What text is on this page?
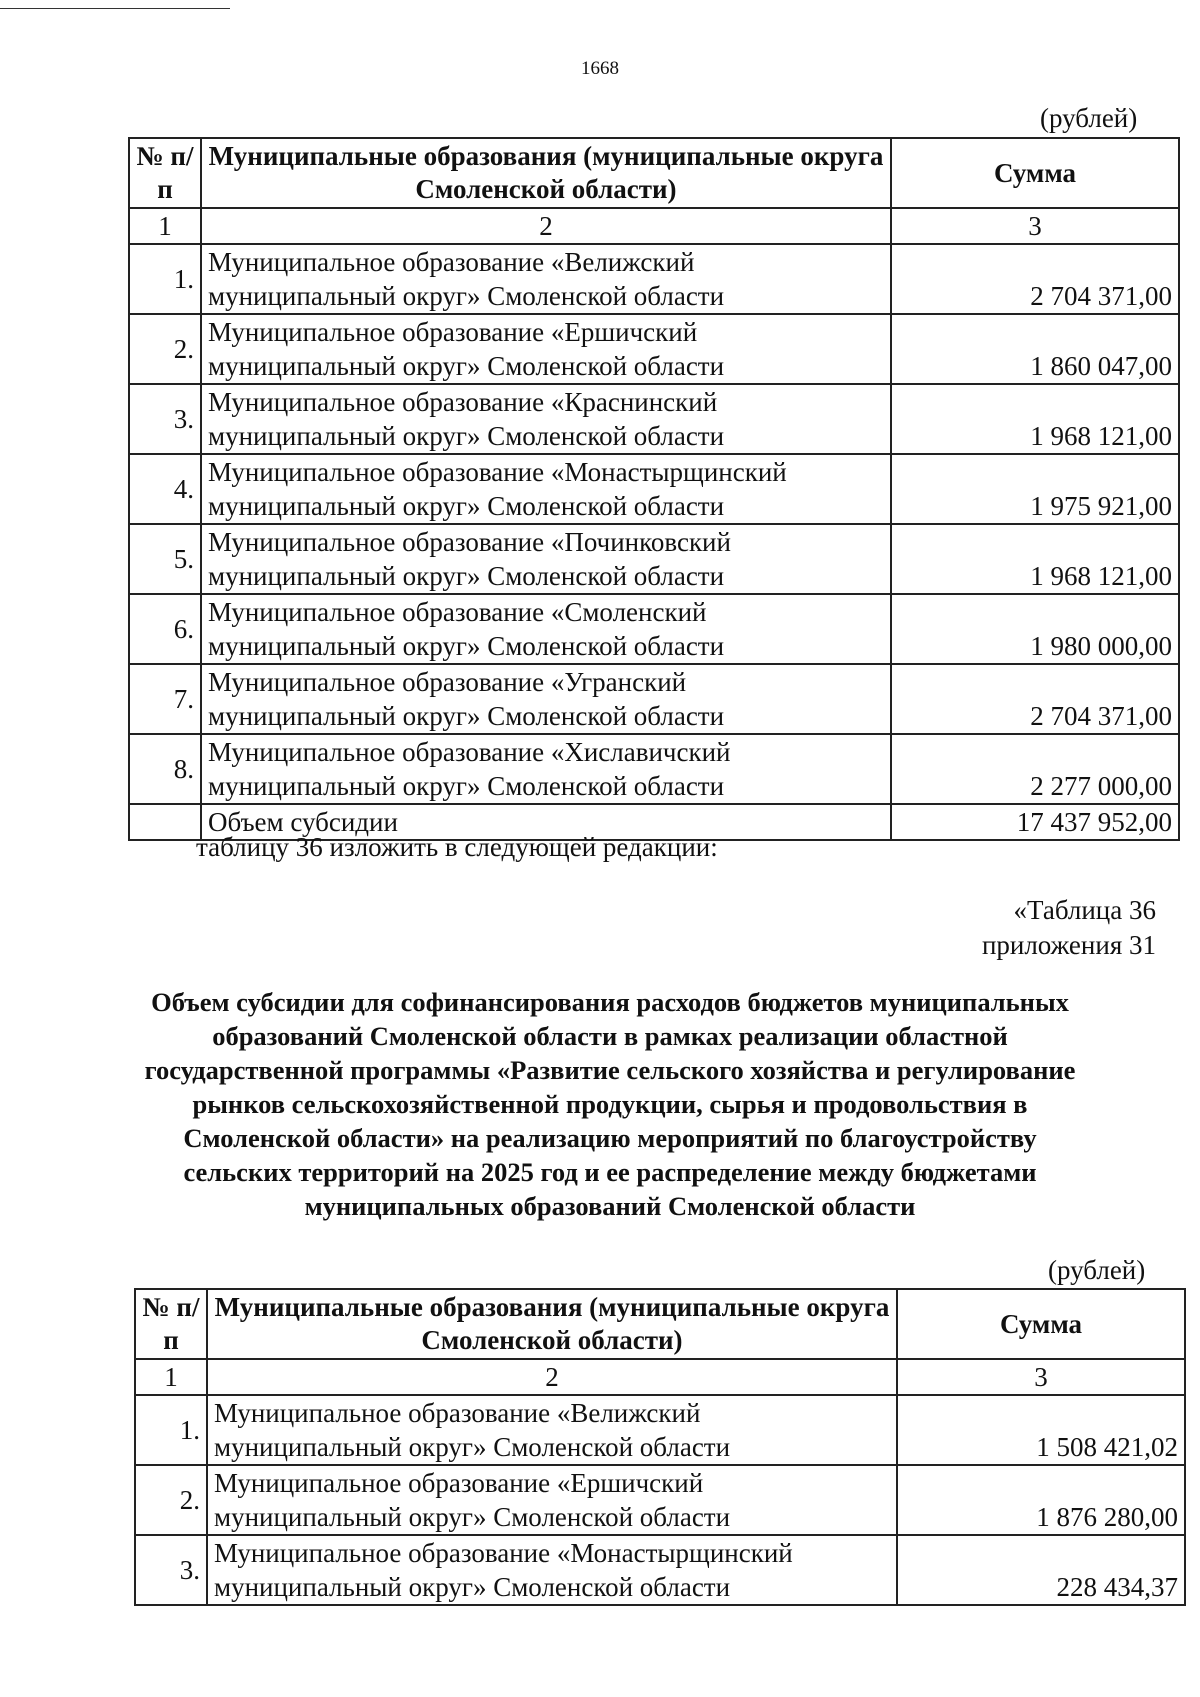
1668
(рублей)
№ п/п	Муниципальные образования (муниципальные округа Смоленской области)	Сумма
1	2	3
1.	Муниципальное образование «Велижский
муниципальный округ» Смоленской области	2 704 371,00
2.	Муниципальное образование «Ершичский
муниципальный округ» Смоленской области	1 860 047,00
3.	Муниципальное образование «Краснинский
муниципальный округ» Смоленской области	1 968 121,00
4.	Муниципальное образование «Монастырщинский
муниципальный округ» Смоленской области	1 975 921,00
5.	Муниципальное образование «Починковский
муниципальный округ» Смоленской области	1 968 121,00
6.	Муниципальное образование «Смоленский
муниципальный округ» Смоленской области	1 980 000,00
7.	Муниципальное образование «Угранский
муниципальный округ» Смоленской области	2 704 371,00
8.	Муниципальное образование «Хиславичский
муниципальный округ» Смоленской области	2 277 000,00
	Объем субсидии	17 437 952,00
таблицу 36 изложить в следующей редакции:
«Таблица 36
приложения 31
Объем субсидии для софинансирования расходов бюджетов муниципальных
образований Смоленской области в рамках реализации областной
государственной программы «Развитие сельского хозяйства и регулирование
рынков сельскохозяйственной продукции, сырья и продовольствия в
Смоленской области» на реализацию мероприятий по благоустройству
сельских территорий на 2025 год и ее распределение между бюджетами
муниципальных образований Смоленской области
(рублей)
№ п/п	Муниципальные образования (муниципальные округа Смоленской области)	Сумма
1	2	3
1.	Муниципальное образование «Велижский
муниципальный округ» Смоленской области	1 508 421,02
2.	Муниципальное образование «Ершичский
муниципальный округ» Смоленской области	1 876 280,00
3.	Муниципальное образование «Монастырщинский
муниципальный округ» Смоленской области	228 434,37
